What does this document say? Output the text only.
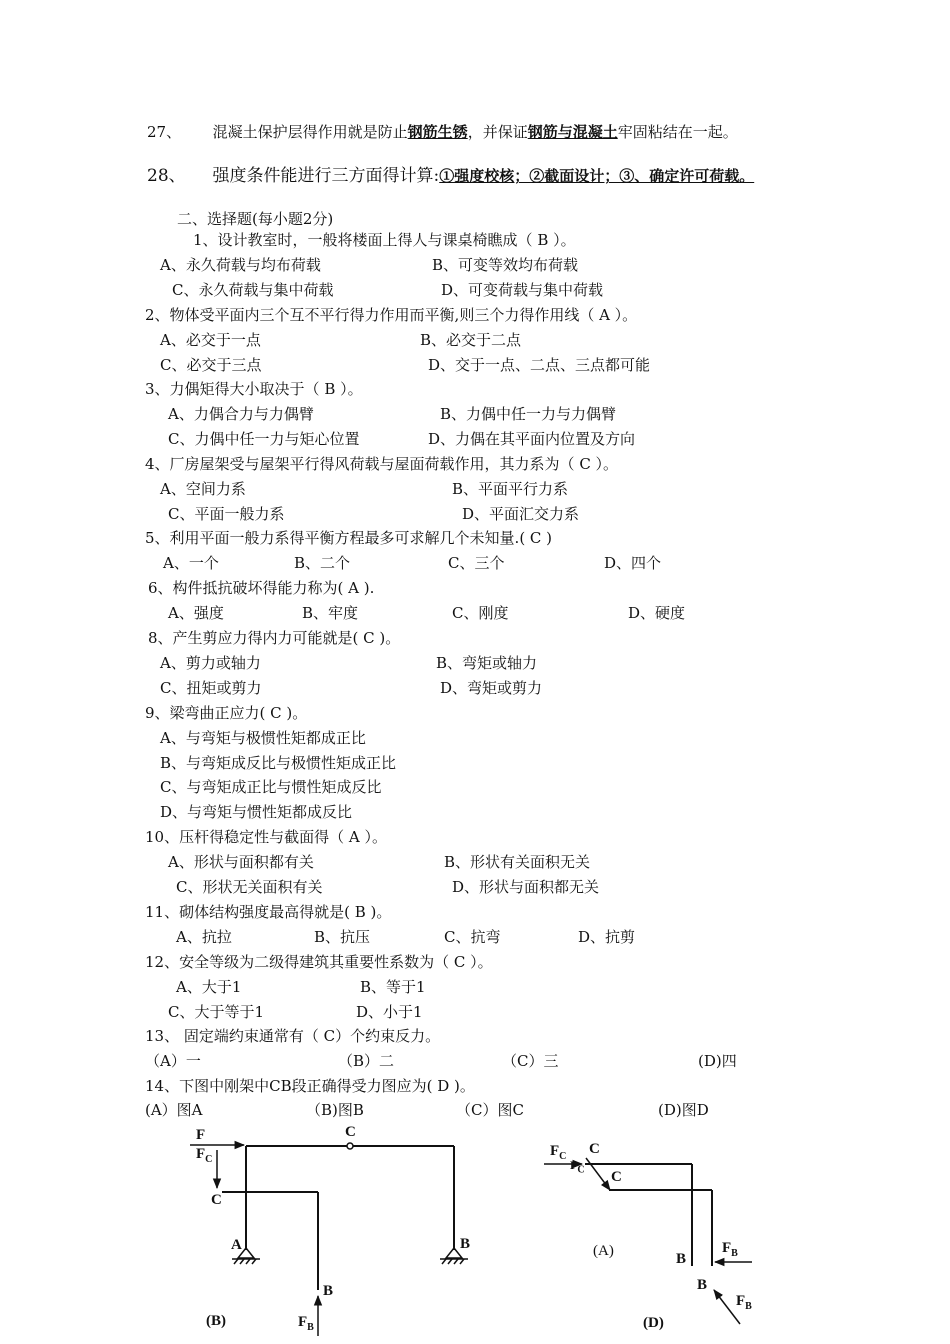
27、 混凝土保护层得作用就是防止钢筋生锈，并保证钢筋与混凝土牢固粘结在一起。
28、 强度条件能进行三方面得计算:①强度校核；②截面设计；③、确定许可荷载。
二、选择题(每小题2分)
1、设计教室时，一般将楼面上得人与课桌椅瞧成（ B ）。
A、永久荷载与均布荷载	B、可变等效均布荷载
C、永久荷载与集中荷载	D、可变荷载与集中荷载
2、物体受平面内三个互不平行得力作用而平衡,则三个力得作用线（ A ）。
A、必交于一点	B、必交于二点
C、必交于三点	D、交于一点、二点、三点都可能
3、力偶矩得大小取决于（ B ）。
A、力偶合力与力偶臂	B、力偶中任一力与力偶臂
C、力偶中任一力与矩心位置	D、力偶在其平面内位置及方向
4、厂房屋架受与屋架平行得风荷载与屋面荷载作用，其力系为（ C ）。
A、空间力系	B、平面平行力系
C、平面一般力系	D、平面汇交力系
5、利用平面一般力系得平衡方程最多可求解几个未知量.( C )
A、一个	B、二个	C、三个	D、四个
6、构件抵抗破坏得能力称为( A ).
A、强度	B、牢度	C、刚度	D、硬度
8、产生剪应力得内力可能就是( C )。
A、剪力或轴力	B、弯矩或轴力
C、扭矩或剪力	D、弯矩或剪力
9、梁弯曲正应力( C )。
A、与弯矩与极惯性矩都成正比
B、与弯矩成反比与极惯性矩成正比
C、与弯矩成正比与惯性矩成反比
D、与弯矩与惯性矩都成反比
10、压杆得稳定性与截面得（ A ）。
A、形状与面积都有关	B、形状有关面积无关
C、形状无关面积有关	D、形状与面积都无关
11、砌体结构强度最高得就是( B )。
A、抗拉	B、抗压	C、抗弯	D、抗剪
12、安全等级为二级得建筑其重要性系数为（ C ）。
A、大于1	B、等于1
C、大于等于1	D、小于1
13、 固定端约束通常有（ C）个约束反力。
（A）一	（B）二	（C）三	(D)四
14、下图中刚架中CB段正确得受力图应为( D )。
(A）图A	（B)图B	（C）图C	(D)图D
F
$F_C$
C
C
A	B
B
$F_B$
(B)
$F_C$ C
$F_C$ C
(A)	B
$F_B$
B
$F_B$
(D)
